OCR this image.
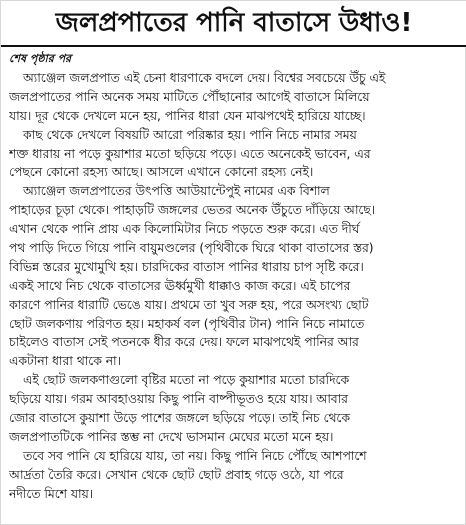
জলপ্রপাতের পানি বাতাসে উধাও!
শেষ পৃষ্ঠার পর
অ্যাঞ্জেল জলপ্রপাত এই চেনা ধারণাকে বদলে দেয়। বিশ্বের সবচেয়ে উঁচু এই
জলপ্রপাতের পানি অনেক সময় মাটিতে পৌঁছানোর আগেই বাতাসে মিলিয়ে
যায়। দূর থেকে দেখলে মনে হয়, পানির ধারা যেন মাঝপথেই হারিয়ে যাচ্ছে।
কাছ থেকে দেখলে বিষয়টি আরো পরিষ্কার হয়। পানি নিচে নামার সময়
শক্ত ধারায় না পড়ে কুয়াশার মতো ছড়িয়ে পড়ে। এতে অনেকেই ভাবেন, এর
পেছনে কোনো রহস্য আছে। আসলে এখানে কোনো রহস্য নেই।
অ্যাঞ্জেল জলপ্রপাতের উৎপত্তি আউয়ান্টেপুই নামের এক বিশাল
পাহাড়ের চূড়া থেকে। পাহাড়টি জঙ্গলের ভেতর অনেক উঁচুতে দাঁড়িয়ে আছে।
এখান থেকে পানি প্রায় এক কিলোমিটার নিচে পড়তে শুরু করে। এত দীর্ঘ
পথ পাড়ি দিতে গিয়ে পানি বায়ুমণ্ডলের (পৃথিবীকে ঘিরে থাকা বাতাসের স্তর)
বিভিন্ন স্তরের মুখোমুখি হয়। চারদিকের বাতাস পানির ধারায় চাপ সৃষ্টি করে।
একই সাথে নিচ থেকে বাতাসের ঊর্ধ্বমুখী ধাক্কাও কাজ করে। এই চাপের
কারণে পানির ধারাটি ভেঙে যায়। প্রথমে তা খুব সরু হয়, পরে অসংখ্য ছোট
ছোট জলকণায় পরিণত হয়। মহাকর্ষ বল (পৃথিবীর টান) পানি নিচে নামাতে
চাইলেও বাতাস সেই পতনকে ধীর করে দেয়। ফলে মাঝপথেই পানির আর
একটানা ধারা থাকে না।
এই ছোট জলকণাগুলো বৃষ্টির মতো না পড়ে কুয়াশার মতো চারদিকে
ছড়িয়ে যায়। গরম আবহাওয়ায় কিছু পানি বাষ্পীভূতও হয়ে যায়। আবার
জোর বাতাসে কুয়াশা উড়ে পাশের জঙ্গলে ছড়িয়ে পড়ে। তাই নিচ থেকে
জলপ্রপাতটিকে পানির স্তম্ভ না দেখে ভাসমান মেঘের মতো মনে হয়।
তবে সব পানি যে হারিয়ে যায়, তা নয়। কিছু পানি নিচে পৌঁছে আশপাশে
আর্দ্রতা তৈরি করে। সেখান থেকে ছোট ছোট প্রবাহ গড়ে ওঠে, যা পরে
নদীতে মিশে যায়।
